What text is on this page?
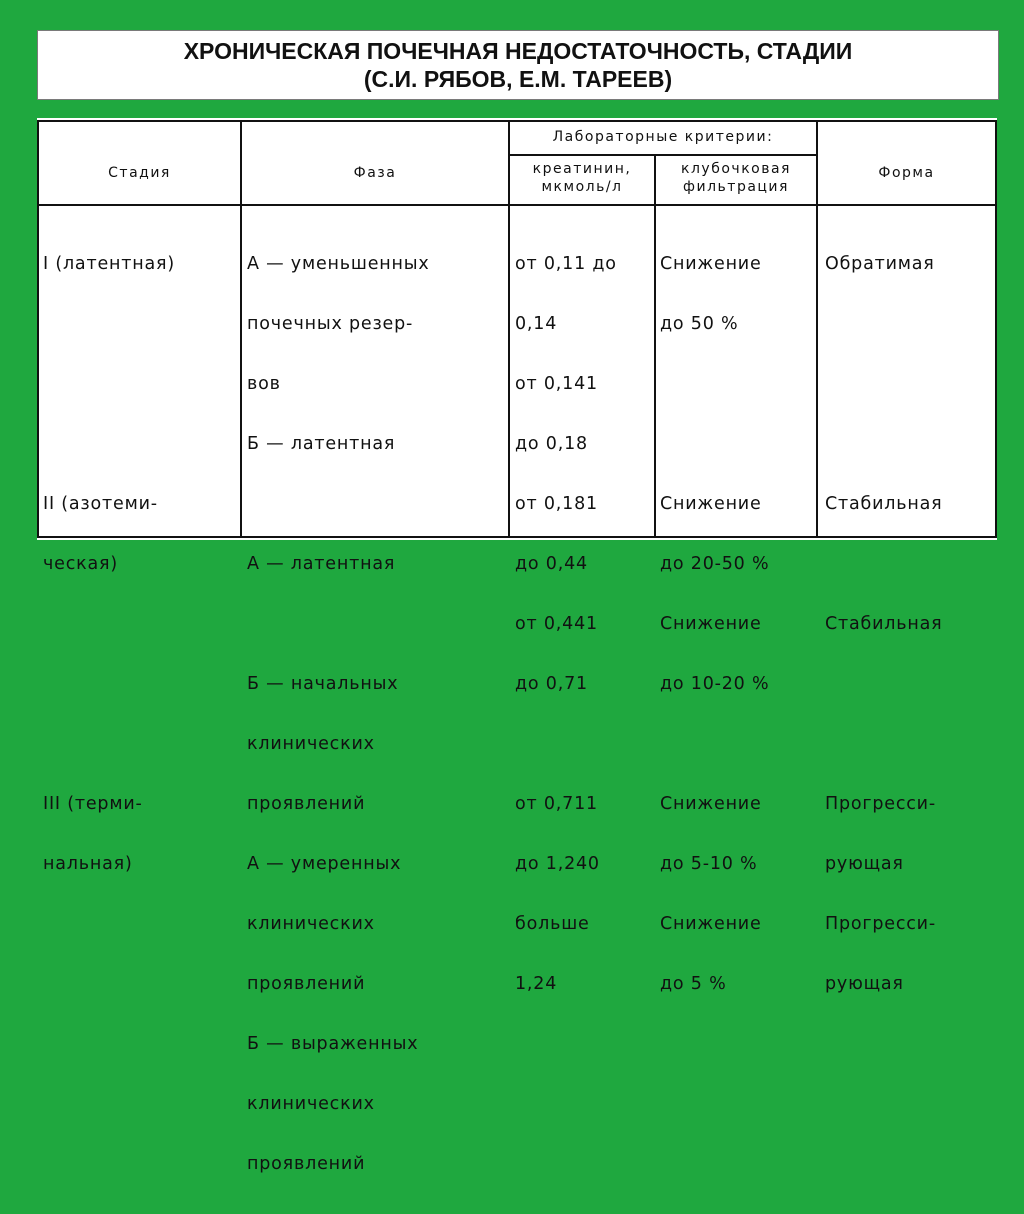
ХРОНИЧЕСКАЯ ПОЧЕЧНАЯ НЕДОСТАТОЧНОСТЬ, СТАДИИ
(С.И. РЯБОВ, Е.М. ТАРЕЕВ)
Стадия	Фаза
Лабораторные критерии:
креатинин,
мкмоль/л
клубочковая
фильтрация
Форма

I (латентная)

II (азотеми-

ческая)

III (терми-

нальная)

А — уменьшенных

почечных резер-

вов

Б — латентная

А — латентная

Б — начальных

клинических

проявлений

А — умеренных

клинических

проявлений

Б — выраженных

клинических

проявлений

от 0,11 до

0,14

от 0,141

до 0,18

от 0,181

до 0,44

от 0,441

до 0,71

от 0,711

до 1,240

больше

1,24

Снижение

до 50 %

Снижение

до 20-50 %

Снижение

до 10-20 %

Снижение

до 5-10 %

Снижение

до 5 %

Обратимая

Стабильная

Стабильная

Прогресси-

рующая

Прогресси-

рующая
